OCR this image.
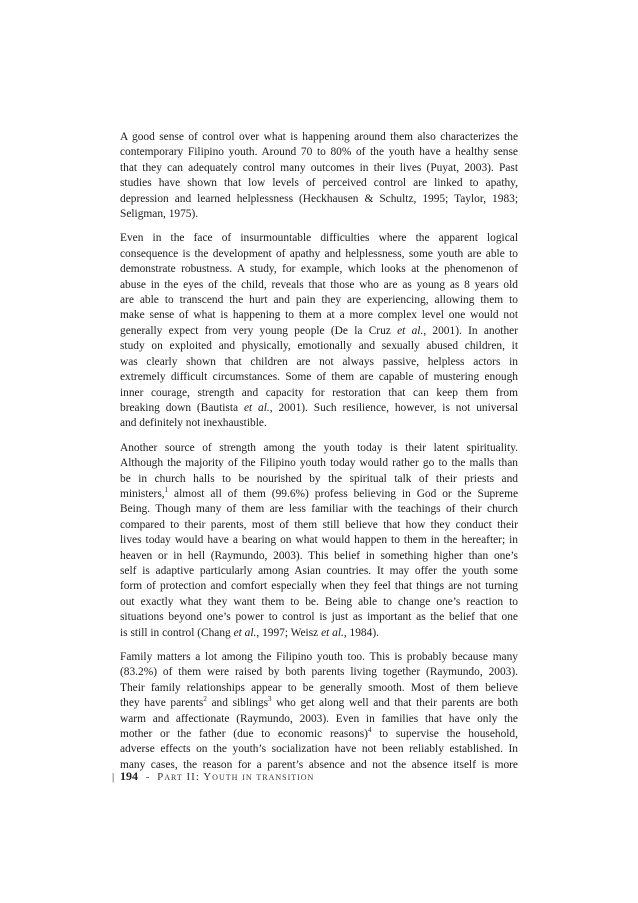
A good sense of control over what is happening around them also characterizes the
contemporary Filipino youth. Around 70 to 80% of the youth have a healthy sense
that they can adequately control many outcomes in their lives (Puyat, 2003). Past
studies have shown that low levels of perceived control are linked to apathy,
depression and learned helplessness (Heckhausen & Schultz, 1995; Taylor, 1983;
Seligman, 1975).

Even in the face of insurmountable difficulties where the apparent logical
consequence is the development of apathy and helplessness, some youth are able to
demonstrate robustness. A study, for example, which looks at the phenomenon of
abuse in the eyes of the child, reveals that those who are as young as 8 years old
are able to transcend the hurt and pain they are experiencing, allowing them to
make sense of what is happening to them at a more complex level one would not
generally expect from very young people (De la Cruz et al., 2001). In another
study on exploited and physically, emotionally and sexually abused children, it
was clearly shown that children are not always passive, helpless actors in
extremely difficult circumstances. Some of them are capable of mustering enough
inner courage, strength and capacity for restoration that can keep them from
breaking down (Bautista et al., 2001). Such resilience, however, is not universal
and definitely not inexhaustible.

Another source of strength among the youth today is their latent spirituality.
Although the majority of the Filipino youth today would rather go to the malls than
be in church halls to be nourished by the spiritual talk of their priests and
ministers,$^1$ almost all of them (99.6%) profess believing in God or the Supreme
Being. Though many of them are less familiar with the teachings of their church
compared to their parents, most of them still believe that how they conduct their
lives today would have a bearing on what would happen to them in the hereafter; in
heaven or in hell (Raymundo, 2003). This belief in something higher than one’s
self is adaptive particularly among Asian countries. It may offer the youth some
form of protection and comfort especially when they feel that things are not turning
out exactly what they want them to be. Being able to change one’s reaction to
situations beyond one’s power to control is just as important as the belief that one
is still in control (Chang et al., 1997; Weisz et al., 1984).

Family matters a lot among the Filipino youth too. This is probably because many
(83.2%) of them were raised by both parents living together (Raymundo, 2003).
Their family relationships appear to be generally smooth. Most of them believe
they have parents$^2$ and siblings$^3$ who get along well and that their parents are both
warm and affectionate (Raymundo, 2003). Even in families that have only the
mother or the father (due to economic reasons)$^4$ to supervise the household,
adverse effects on the youth’s socialization have not been reliably established. In
many cases, the reason for a parent’s absence and not the absence itself is more

| 194 - Part II: Youth in transition
